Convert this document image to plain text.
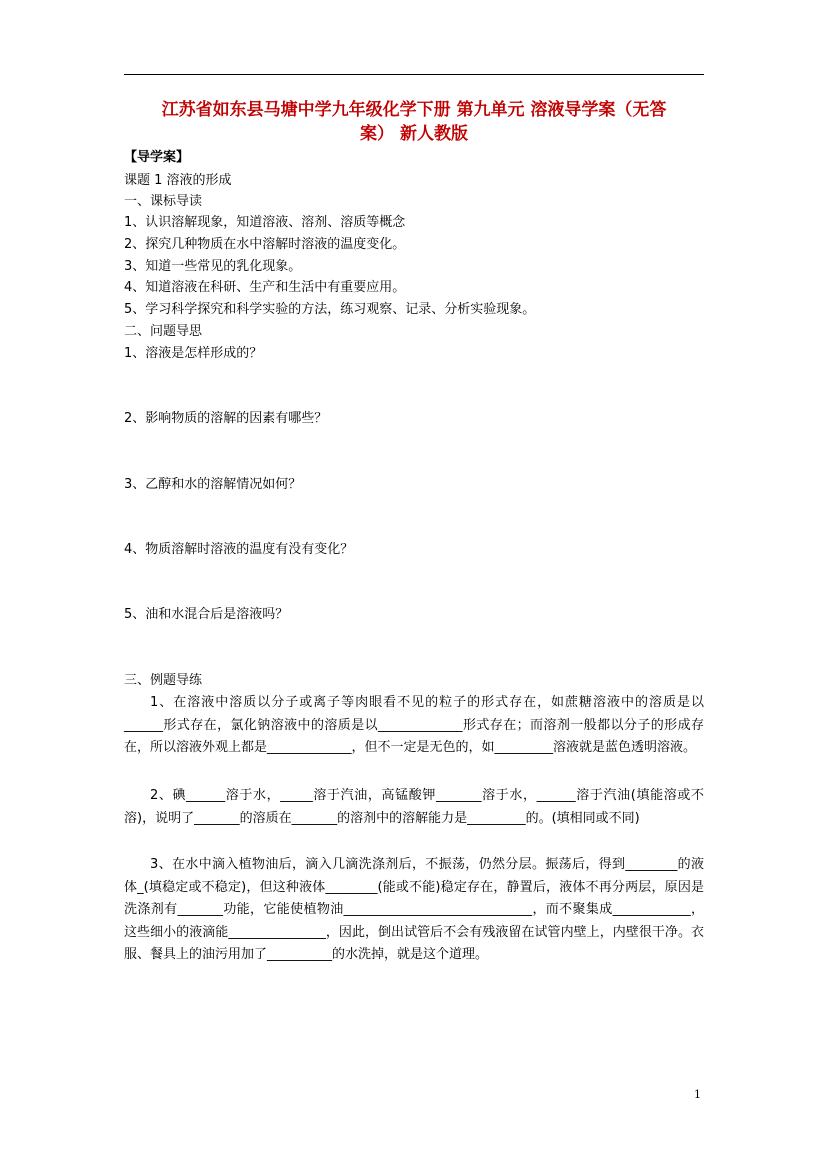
江苏省如东县马塘中学九年级化学下册 第九单元 溶液导学案（无答
案） 新人教版
【导学案】
课题 1 溶液的形成
一、课标导读
1、认识溶解现象，知道溶液、溶剂、溶质等概念
2、探究几种物质在水中溶解时溶液的温度变化。
3、知道一些常见的乳化现象。
4、知道溶液在科研、生产和生活中有重要应用。
5、学习科学探究和科学实验的方法，练习观察、记录、分析实验现象。
二、问题导思
1、溶液是怎样形成的？
2、影响物质的溶解的因素有哪些？
3、乙醇和水的溶解情况如何？
4、物质溶解时溶液的温度有没有变化？
5、油和水混合后是溶液吗？
三、例题导练
1、在溶液中溶质以分子或离子等肉眼看不见的粒子的形式存在，如蔗糖溶液中的溶质是以______形式存在，氯化钠溶液中的溶质是以_____________形式存在；而溶剂一般都以分子的形成存在，所以溶液外观上都是_____________，但不一定是无色的，如_________溶液就是蓝色透明溶液。
2、碘______溶于水，_____溶于汽油，高锰酸钾_______溶于水，______溶于汽油(填能溶或不溶)，说明了_______的溶质在_______的溶剂中的溶解能力是_________的。(填相同或不同)
3、在水中滴入植物油后，滴入几滴洗涤剂后，不振荡，仍然分层。振荡后，得到________的液体_(填稳定或不稳定)，但这种液体________(能或不能)稳定存在，静置后，液体不再分两层，原因是洗涤剂有_______功能，它能使植物油_____________________________，而不聚集成____________，这些细小的液滴能_______________，因此，倒出试管后不会有残液留在试管内壁上，内壁很干净。衣服、餐具上的油污用加了__________的水洗掉，就是这个道理。
1
